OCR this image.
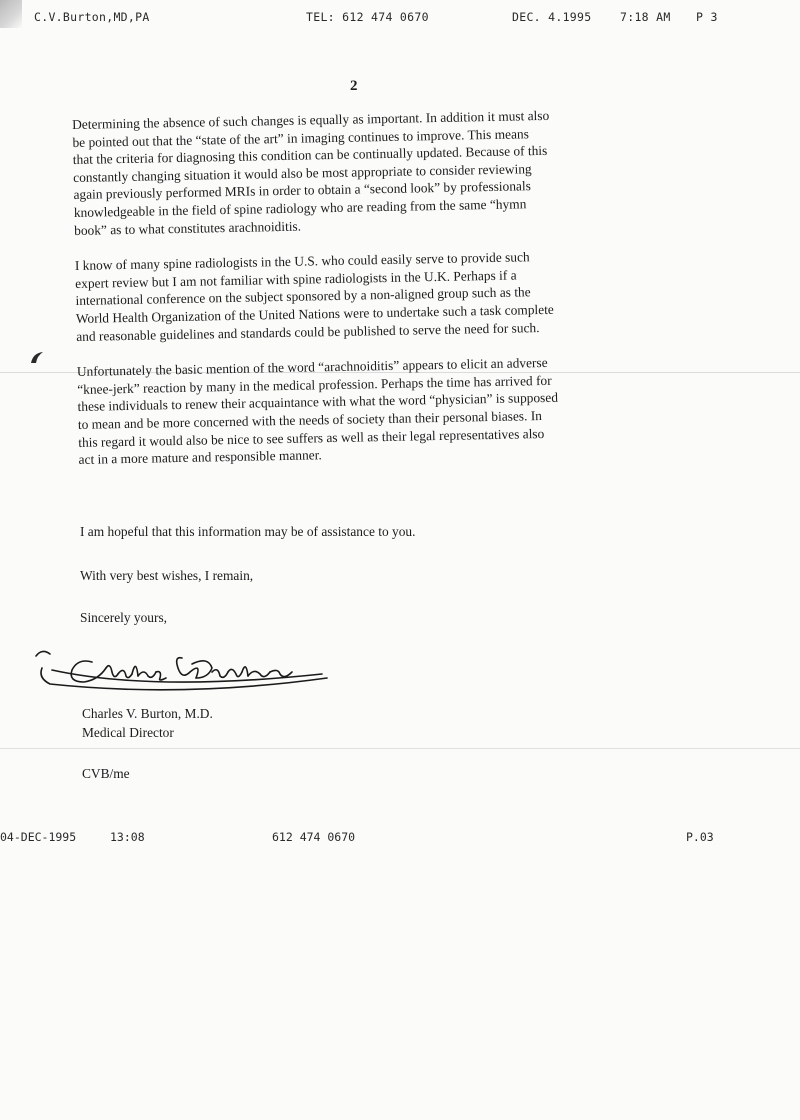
C.V.Burton,MD,PA	TEL: 612 474 0670	DEC. 4.1995 7:18 AM P 3
2

Determining the absence of such changes is equally as important. In addition it must also
be pointed out that the “state of the art” in imaging continues to improve. This means
that the criteria for diagnosing this condition can be continually updated. Because of this
constantly changing situation it would also be most appropriate to consider reviewing
again previously performed MRIs in order to obtain a “second look” by professionals
knowledgeable in the field of spine radiology who are reading from the same “hymn
book” as to what constitutes arachnoiditis.

I know of many spine radiologists in the U.S. who could easily serve to provide such
expert review but I am not familiar with spine radiologists in the U.K. Perhaps if a
international conference on the subject sponsored by a non-aligned group such as the
World Health Organization of the United Nations were to undertake such a task complete
and reasonable guidelines and standards could be published to serve the need for such.

Unfortunately the basic mention of the word “arachnoiditis” appears to elicit an adverse
“knee-jerk” reaction by many in the medical profession. Perhaps the time has arrived for
these individuals to renew their acquaintance with what the word “physician” is supposed
to mean and be more concerned with the needs of society than their personal biases. In
this regard it would also be nice to see suffers as well as their legal representatives also
act in a more mature and responsible manner.

I am hopeful that this information may be of assistance to you.
With very best wishes, I remain,
Sincerely yours,
Charles V. Burton, M.D.
Medical Director
CVB/me
04-DEC-1995	13:08	612 474 0670	P.03
